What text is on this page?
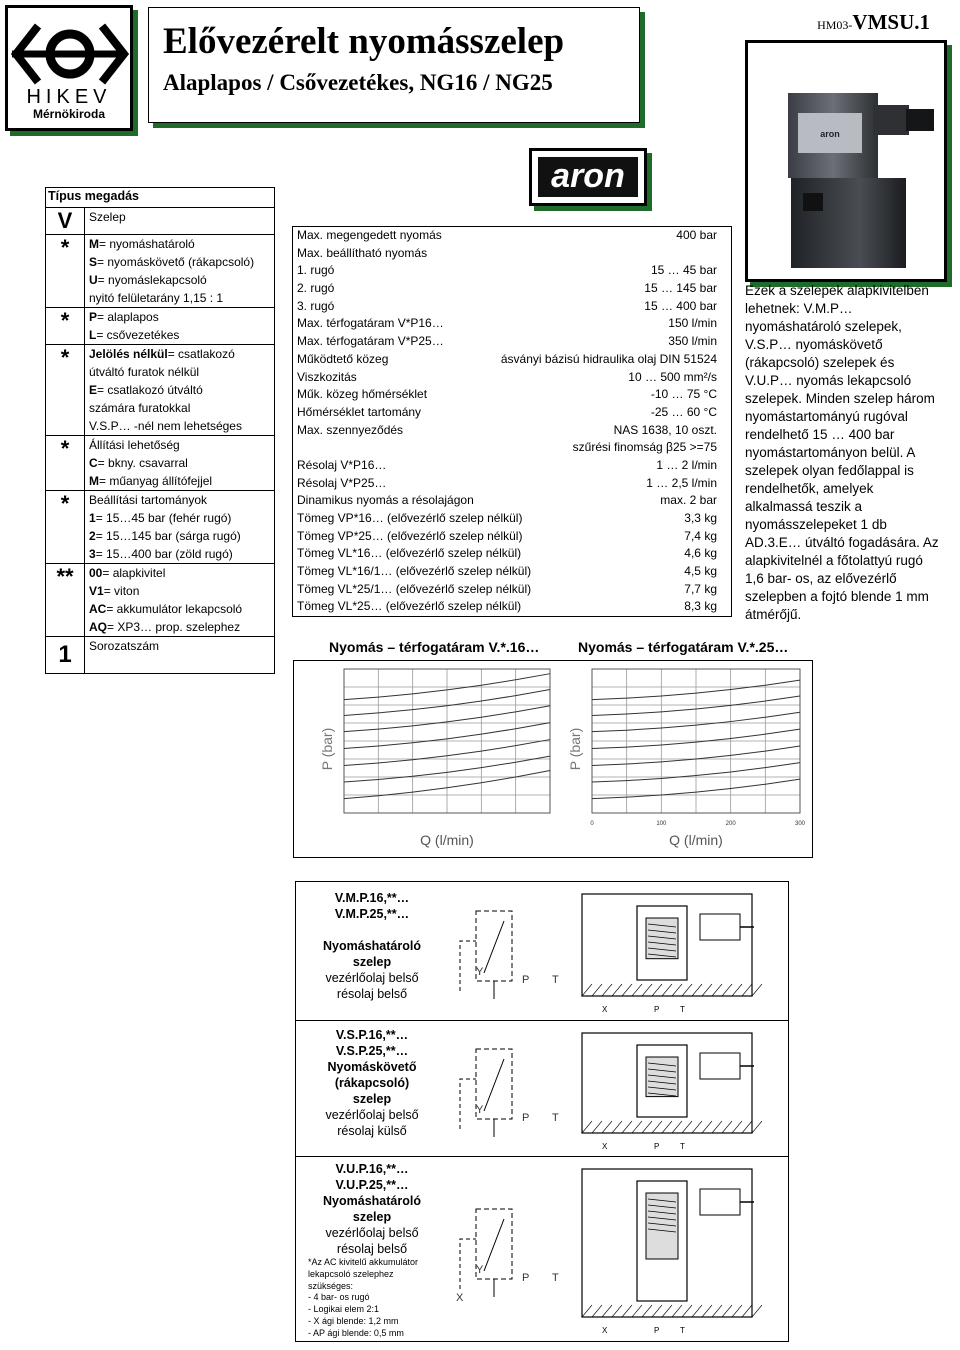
HIKEV
Mérnökiroda
Elővezérelt nyomásszelep
Alaplapos / Csővezetékes, NG16 / NG25
HM03-VMSU.1
aron
aron
Típus megadás
V	Szelep
*	M= nyomáshatároló
S= nyomáskövető (rákapcsoló)
U= nyomáslekapcsoló
nyitó felületarány 1,15 : 1
*	P= alaplapos
L= csővezetékes
*	Jelölés nélkül= csatlakozó
útváltó furatok nélkül
E= csatlakozó útváltó
számára furatokkal
V.S.P… -nél nem lehetséges
*	Állítási lehetőség
C= bkny. csavarral
M= műanyag állítófejjel
*	Beállítási tartományok
1= 15…45 bar (fehér rugó)
2= 15…145 bar (sárga rugó)
3= 15…400 bar (zöld rugó)
**	00= alapkivitel
V1= viton
AC= akkumulátor lekapcsoló
AQ= XP3… prop. szelephez
1	Sorozatszám
Max. megengedett nyomás	400 bar
Max. beállítható nyomás
1. rugó	15 … 45 bar
2. rugó	15 … 145 bar
3. rugó	15 … 400 bar
Max. térfogatáram V*P16…	150 l/min
Max. térfogatáram V*P25…	350 l/min
Működtető közeg	ásványi bázisú hidraulika olaj DIN 51524
Viszkozitás	10 … 500 mm²/s
Műk. közeg hőmérséklet	-10 … 75 °C
Hőmérséklet tartomány	-25 … 60 °C
Max. szennyeződés	NAS 1638, 10 oszt.
szűrési finomság β25 >=75
Résolaj V*P16…	1 … 2 l/min
Résolaj V*P25…	1 … 2,5 l/min
Dinamikus nyomás a résolajágon	max. 2 bar
Tömeg VP*16… (elővezérlő szelep nélkül)	3,3 kg
Tömeg VP*25… (elővezérlő szelep nélkül)	7,4 kg
Tömeg VL*16… (elővezérlő szelep nélkül)	4,6 kg
Tömeg VL*16/1… (elővezérlő szelep nélkül)	4,5 kg
Tömeg VL*25/1… (elővezérlő szelep nélkül)	7,7 kg
Tömeg VL*25… (elővezérlő szelep nélkül)	8,3 kg
Ezek a szelepek alapkivitelben lehetnek: V.M.P… nyomáshatároló szelepek, V.S.P… nyomáskövető (rákapcsoló) szelepek és V.U.P… nyomás lekapcsoló szelepek. Minden szelep három nyomástartományú rugóval rendelhető 15 … 400 bar nyomástartományon belül. A szelepek olyan fedőlappal is rendelhetők, amelyek alkalmassá teszik a nyomásszelepeket 1 db AD.3.E… útváltó fogadására. Az alapkivitelnél a főtolattyú rugó 1,6 bar- os, az elővezérlő szelepben a fojtó blende 1 mm átmérőjű.
Nyomás – térfogatáram V.*.16…	Nyomás – térfogatáram V.*.25…
P (bar)
Q (l/min)
P (bar)
Q (l/min)
0	100	200	300
V.M.P.16,**…
V.M.P.25,**…
Nyomáshatároló
szelep
vezérlőolaj belső
résolaj belső
P T
Y
X	P	T
V.S.P.16,**…
V.S.P.25,**…
Nyomáskövető
(rákapcsoló)
szelep
vezérlőolaj belső
résolaj külső
P T
Y
X	P	T
V.U.P.16,**…
V.U.P.25,**…
Nyomáshatároló
szelep
vezérlőolaj belső
résolaj belső
*Az AC kivitelű akkumulátor
lekapcsoló szelephez
szükséges:
- 4 bar- os rugó
- Logikai elem 2:1
- X ági blende: 1,2 mm
- AP ági blende: 0,5 mm
P T
Y
X
X	P	T
